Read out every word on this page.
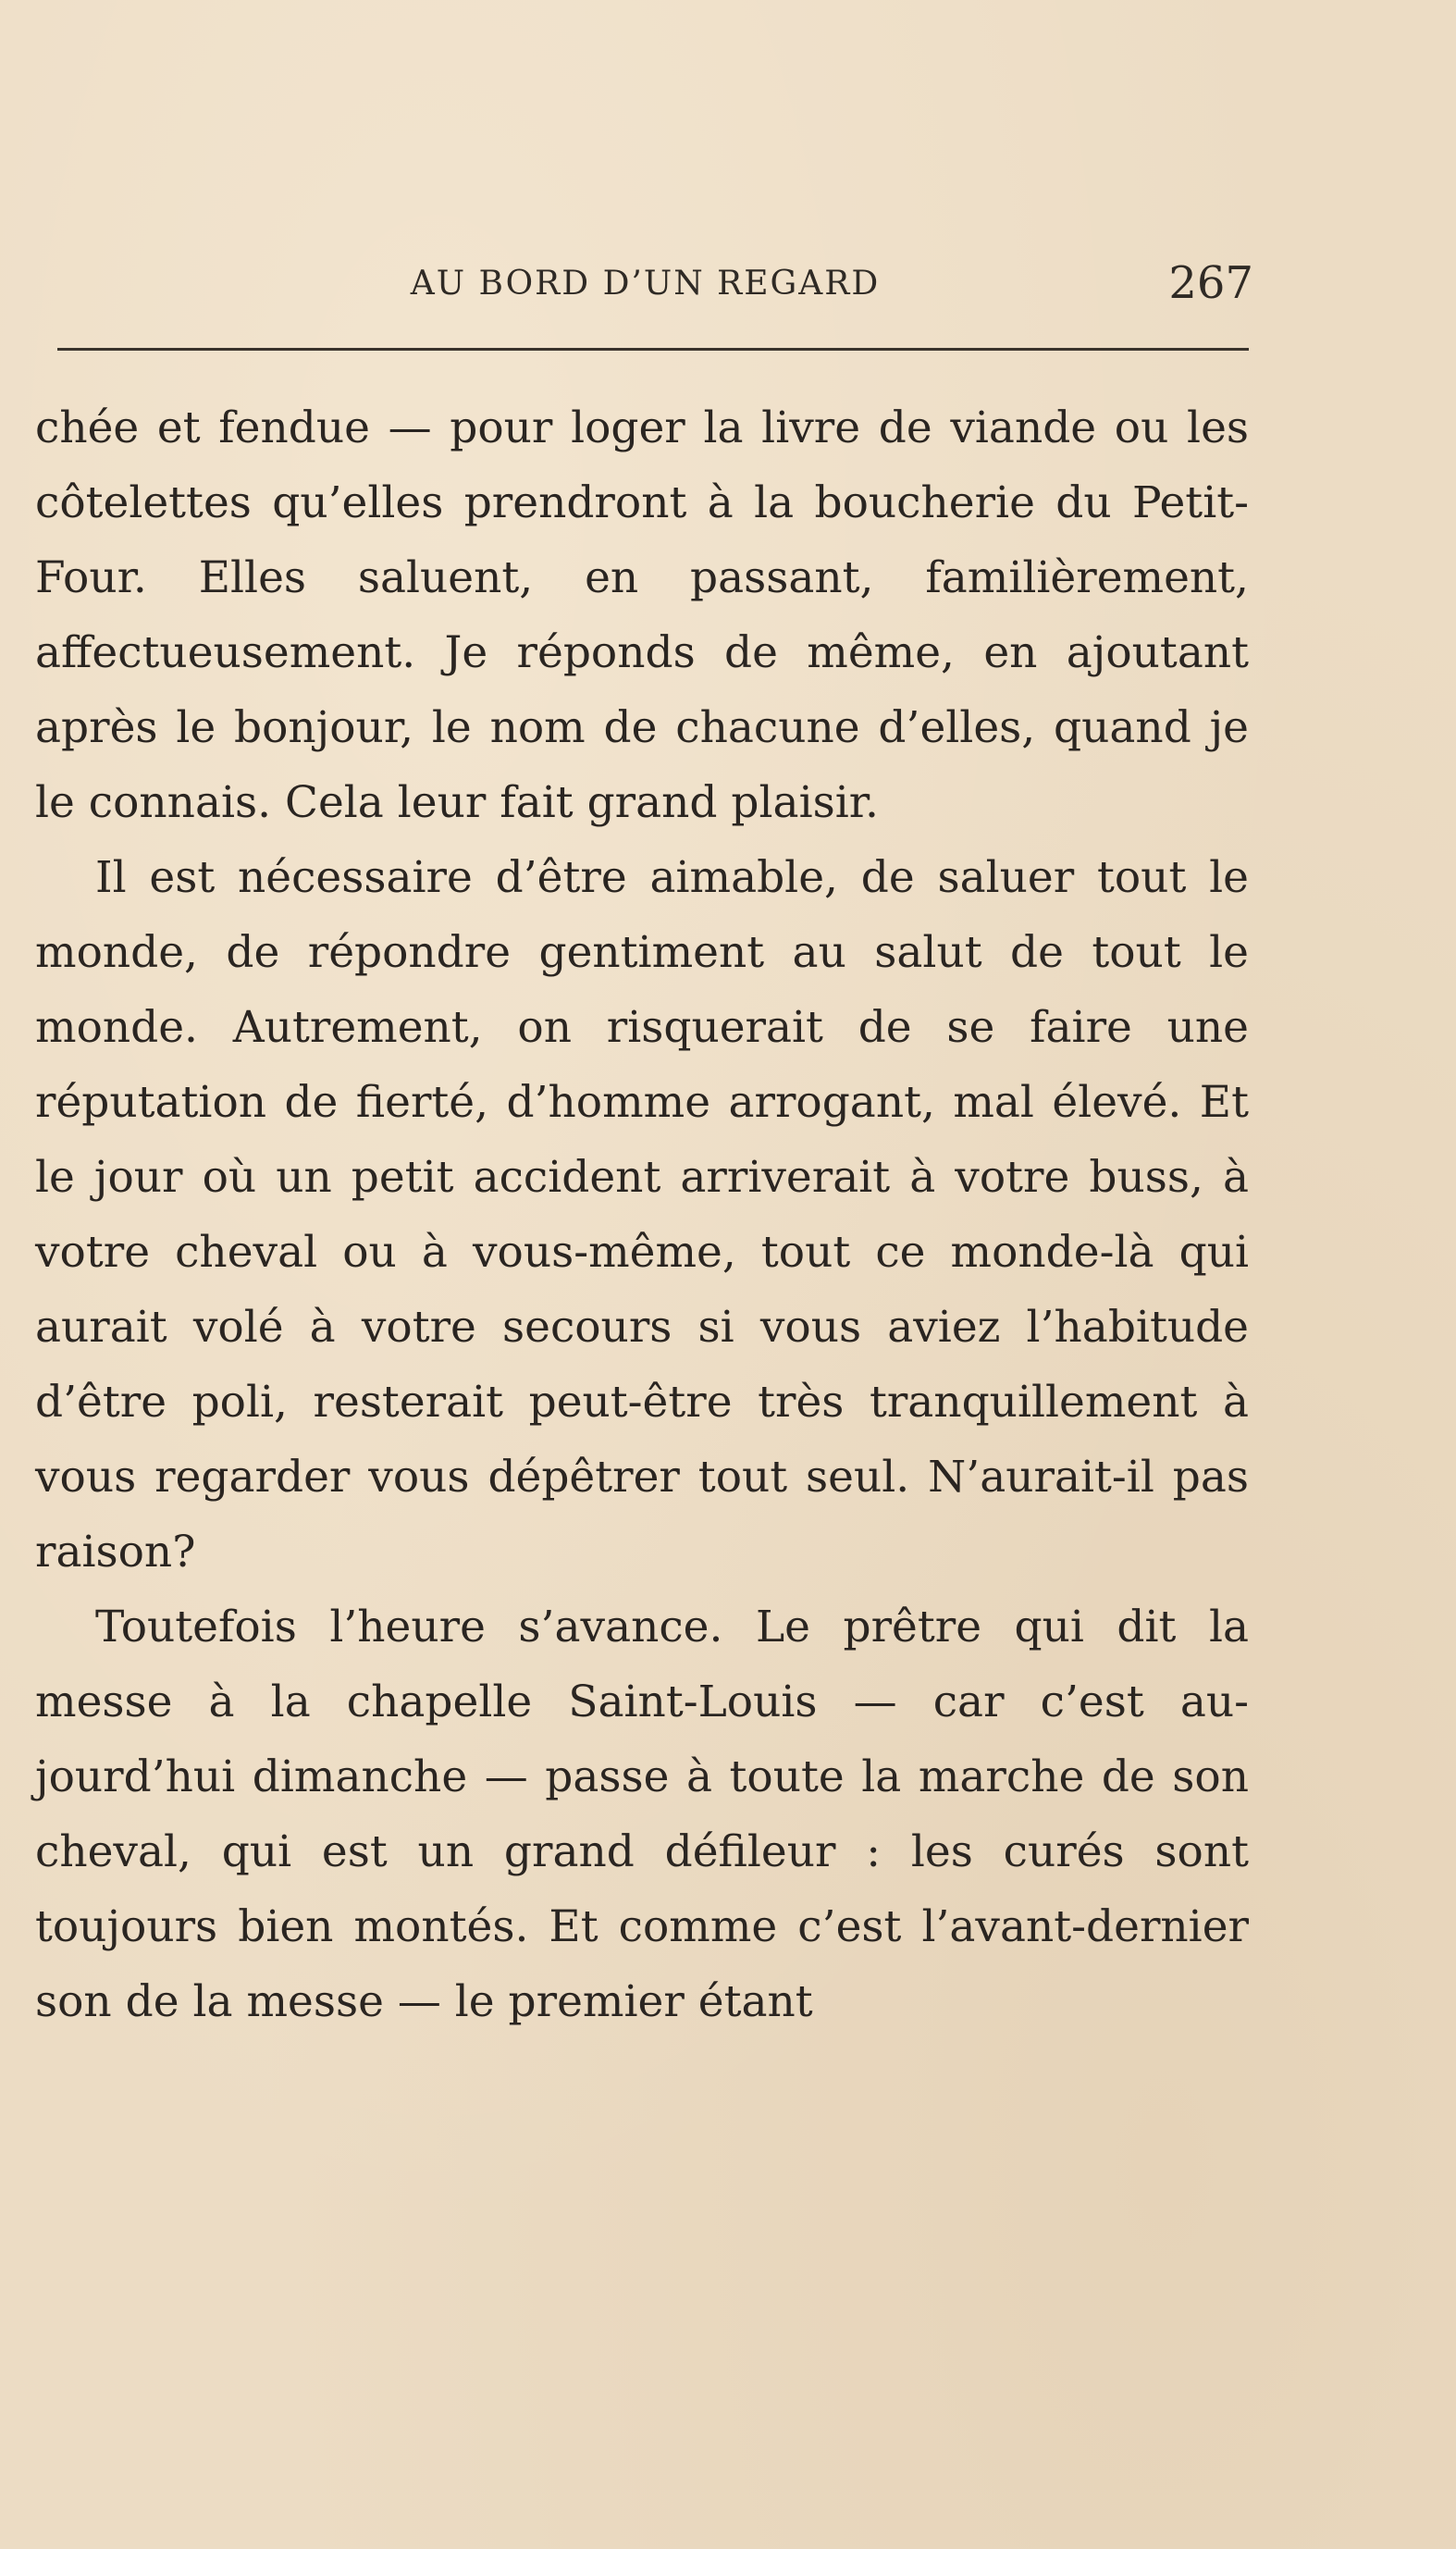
AU BORD D’UN REGARD	267

chée et fendue — pour loger la livre de viande ou les côtelettes qu’elles prendront à la boucherie du Petit-Four. Elles saluent, en passant, familièrement, affectueusement. Je réponds de même, en ajoutant après le bonjour, le nom de chacune d’elles, quand je le connais. Cela leur fait grand plaisir.

Il est nécessaire d’être aimable, de saluer tout le monde, de répondre gentiment au salut de tout le monde. Autrement, on risquerait de se faire une réputation de fierté, d’homme arrogant, mal élevé. Et le jour où un petit accident arriverait à votre buss, à votre cheval ou à vous-même, tout ce monde-là qui aurait volé à votre secours si vous aviez l’habitude d’être poli, resterait peut-être très tranquillement à vous regarder vous dépêtrer tout seul. N’aurait-il pas raison?

Toutefois l’heure s’avance. Le prêtre qui dit la messe à la chapelle Saint-Louis — car c’est aujourd’hui dimanche — passe à toute la marche de son cheval, qui est un grand défileur : les curés sont toujours bien montés. Et comme c’est l’avant-dernier son de la messe — le premier étant
